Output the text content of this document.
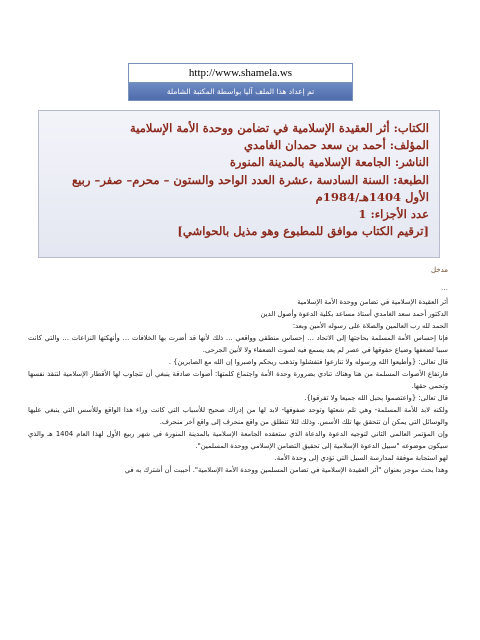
http://www.shamela.ws
تم إعداد هذا الملف آليا بواسطة المكتبة الشاملة
الكتاب: أثر العقيدة الإسلامية في تضامن ووحدة الأمة الإسلامية
المؤلف: أحمد بن سعد حمدان الغامدي
الناشر: الجامعة الإسلامية بالمدينة المنورة
الطبعة: السنة السادسة ،عشرة العدد الواحد والستون – محرم– صفر– ربيع الأول 1404هـ/1984م
عدد الأجزاء: 1
[ترقيم الكتاب موافق للمطبوع وهو مذيل بالحواشي]
مدخل
…

أثر العقيدة الإسلامية في تضامن ووحدة الأمة الإسلامية

الدكتور أحمد سعد الغامدي أستاذ مساعد بكلية الدعوة وأصول الدين

الحمد لله رب العالمين والصلاة على رسوله الأمين وبعد:

فإنا إحساس الأمة المسلمة بحاجتها إلى الاتحاد … إحساس منطقي وواقعي … ذلك لأنها قد أضرت بها الخلافات … وأنهكتها النزاعات … والتي كانت سببا لضعفها وضياع حقوقها في عصر لم يعد يسمع فيه لصوت الضعفاء ولا لأنين الجرحى.

قال تعالى: {وأطيعوا الله ورسوله ولا تنازعوا فتفشلوا وتذهب ريحكم واصبروا إن الله مع الصابرين} .

فارتفاع الأصوات المسلمة من هنا وهناك تنادي بضرورة وحدة الأمة واجتماع كلمتها: أصوات صادقة ينبغي أن تتجاوب لها الأقطار الإسلامية لتنقذ نفسها وتحمي حقها.

قال تعالى: {واعتصموا بحبل الله جميعا ولا تفرقوا}.

ولكنه لابد للأمة المسلمة- وهي تلم شعثها وتوحد صفوفها- لابد لها من إدراك صحيح للأسباب التي كانت وراء هذا الواقع وللأسس التي ينبغي عليها والوسائل التي يمكن أن تتحقق بها تلك الأسس. وذلك لئلا تنطلق من واقع منحرف إلى واقع آخر منحرف.

وإن المؤتمر العالمي الثاني لتوجيه الدعوة والدعاة الذي ستعقده الجامعة الإسلامية بالمدينة المنورة في شهر ربيع الأول لهذا العام 1404 هـ والذي سيكون موضوعه "سبيل الدعوة الإسلامية إلى تحقيق التضامن الإسلامي ووحدة المسلمين".

لهو استجابة موفقة لمدارسة السبل التي تؤدي إلى وحدة الأمة.

وهذا بحث موجز بعنوان "أثر العقيدة الإسلامية في تضامن المسلمين ووحدة الأمة الإسلامية". أحببت أن أشترك به في
